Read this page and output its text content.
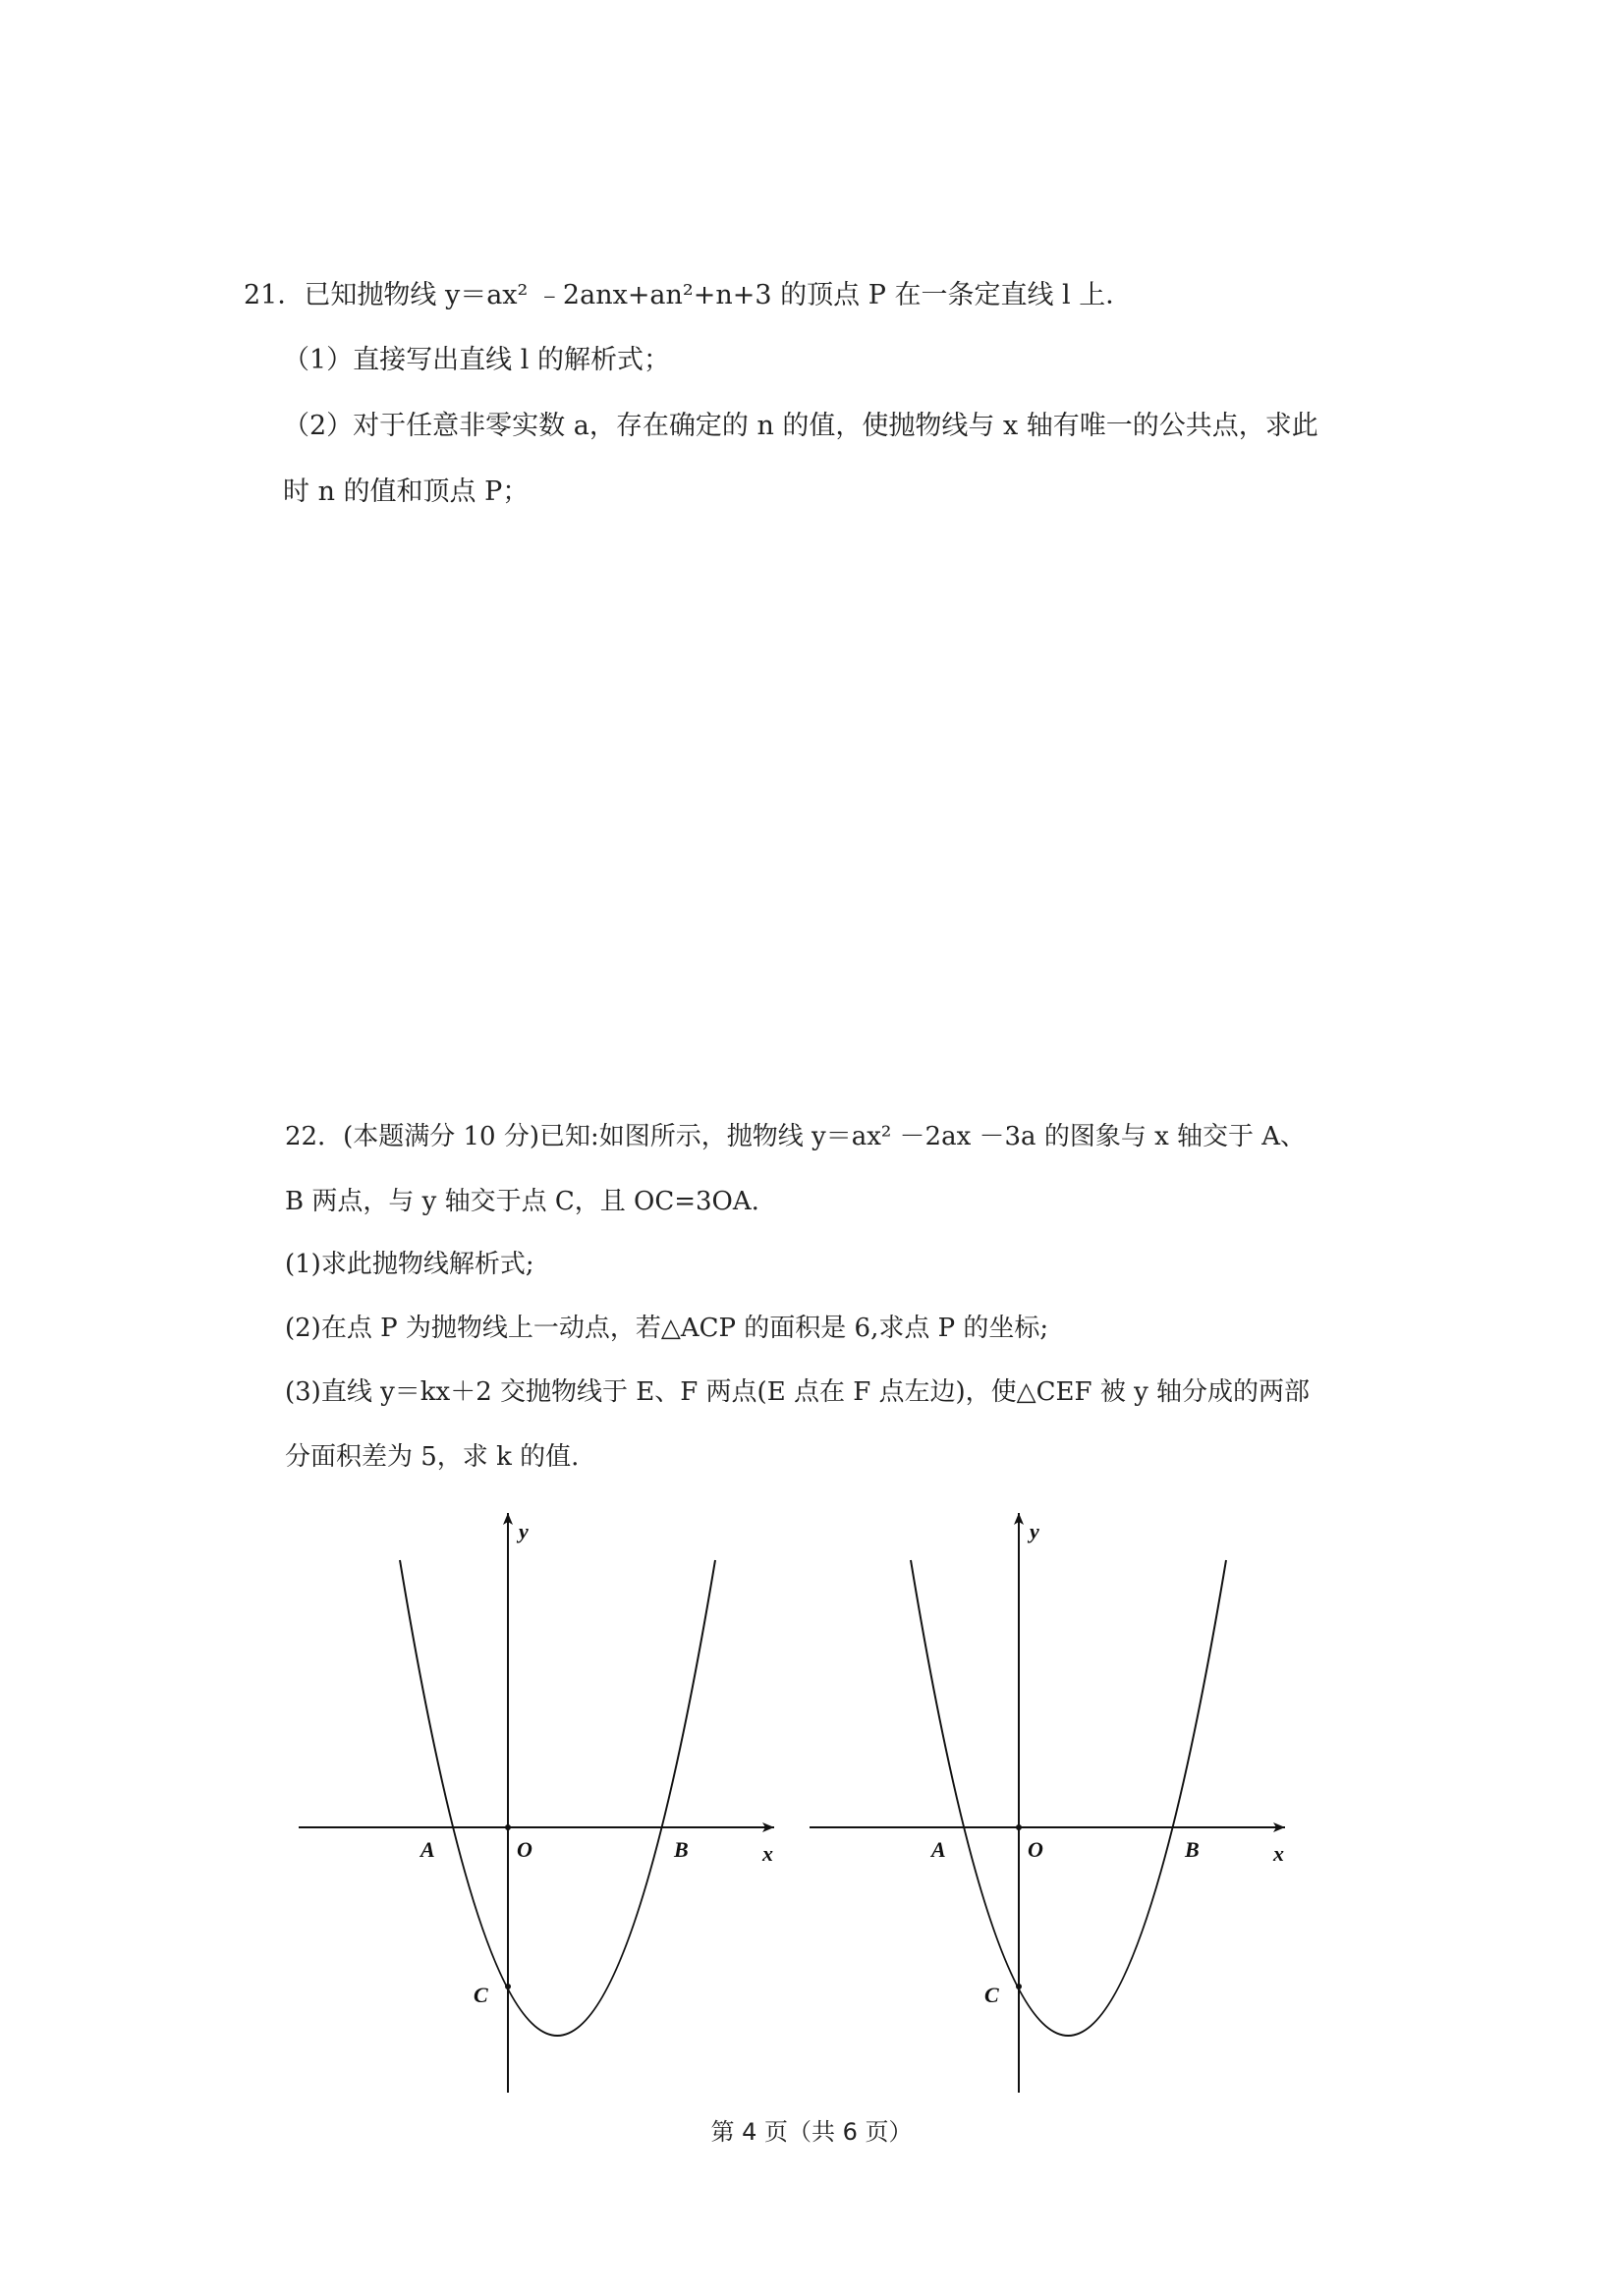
21．已知抛物线 y＝ax² ﹣2anx+an²+n+3 的顶点 P 在一条定直线 l 上．
（1）直接写出直线 l 的解析式；
（2）对于任意非零实数 a，存在确定的 n 的值，使抛物线与 x 轴有唯一的公共点，求此
时 n 的值和顶点 P；
22．(本题满分 10 分)已知:如图所示，抛物线 y＝ax² －2ax －3a 的图象与 x 轴交于 A、
B 两点，与 y 轴交于点 C，且 OC=3OA.
(1)求此抛物线解析式;
(2)在点 P 为抛物线上一动点，若△ACP 的面积是 6,求点 P 的坐标;
(3)直线 y＝kx＋2 交抛物线于 E、F 两点(E 点在 F 点左边)，使△CEF 被 y 轴分成的两部
分面积差为 5，求 k 的值.
y
x
A	O	B
C
y
x
A	O	B
C
第 4 页（共 6 页）
